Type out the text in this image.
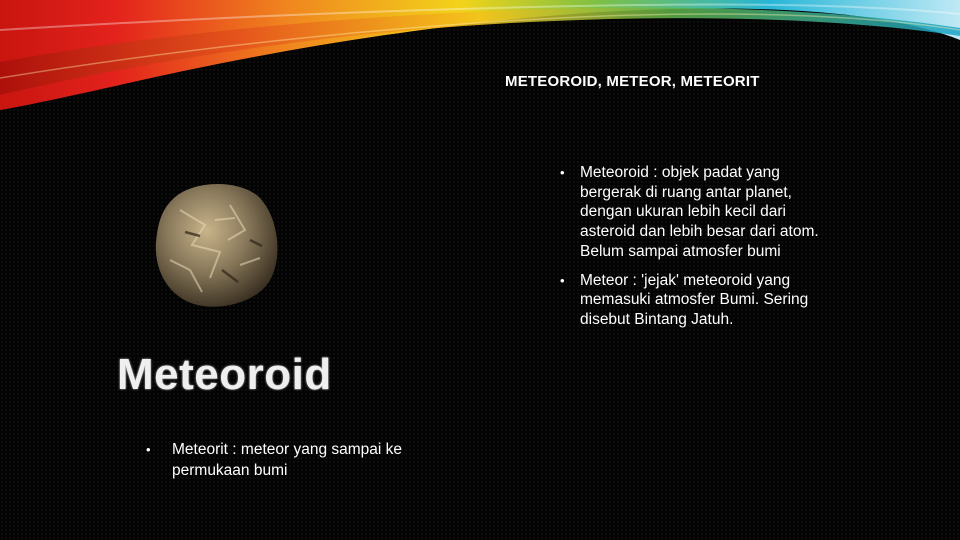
METEOROID, METEOR, METEORIT
Meteoroid
• Meteoroid : objek padat yang bergerak di ruang antar planet, dengan ukuran lebih kecil dari asteroid dan lebih besar dari atom. Belum sampai atmosfer bumi
• Meteor : 'jejak' meteoroid yang memasuki atmosfer Bumi. Sering disebut Bintang Jatuh.
• Meteorit : meteor yang sampai ke permukaan bumi
